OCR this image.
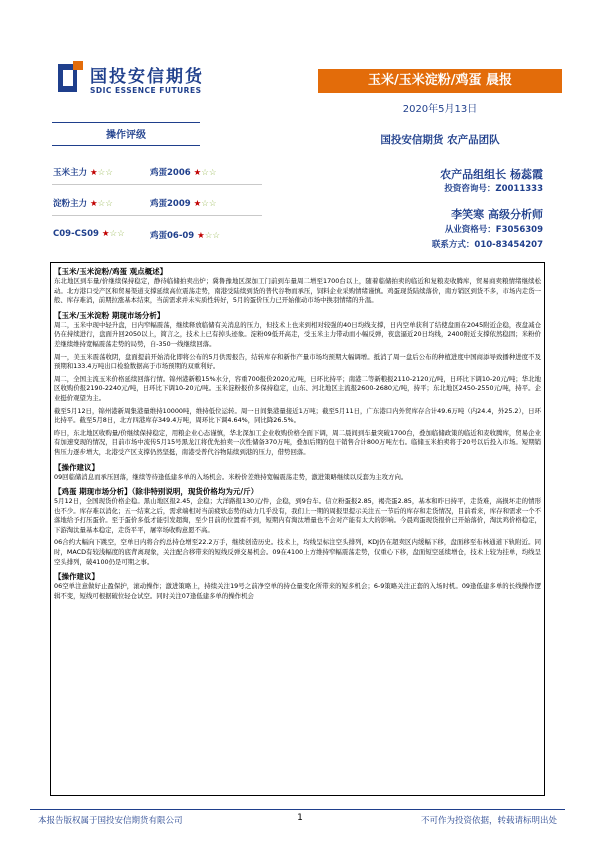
国投安信期货
SDIC ESSENCE FUTURES
玉米/玉米淀粉/鸡蛋 晨报
2020年5月13日
国投安信期货 农产品团队
农产品组组长 杨蕊霞
投资咨询号：Z0011333
李笑寒 高级分析师
从业资格号：F3056309
联系方式：010-83454207
操作评级
玉米主力 ★☆☆	鸡蛋2006 ★☆☆
淀粉主力 ★☆☆	鸡蛋2009 ★☆☆
C09-CS09 ★☆☆	鸡蛋06-09 ★☆☆
【玉米/玉米淀粉/鸡蛋 观点概述】

东北地区到车量/价继续保持稳定，静待临储拍卖出炉；冀鲁豫地区深加工门前到车量周二增至1700台以上，随着临储拍卖的临近和复粮麦收腾库，贸易商卖粮情绪继续松动。北方港口受产区和贸易渠道支撑延续高位震荡走势，南港受陆续到货的普代谷物而承压，饲料企业采购情绪谨慎。鸡蛋现货陆续落价，南方销区到货不多，市场内走货一般、库存难消，前期拉涨基本结束，当前需求并未实质性转好，5月的蛋价压力已开始催动市场中换羽情绪的升温。

【玉米/玉米淀粉 期现市场分析】

周二，玉米中现中轻升盘，日内窄幅震荡，继续释放临储有关消息的压力，但技术上也来到相对较强的40日均线支撑，日内空单获利了结使盘面在2045附近企稳，夜盘减仓仍在持续进行，盘面升回2050以上，简言之，技术上已有掉头迹象。淀粉09低开高走，受玉米主力带动而小幅反弹，夜盘逼近20日均线，2400附近支撑依然稳固；米粉价差继续维持宽幅震荡走势的局势，自-350一线继续回落。

周一，美玉米震荡收阴，盘面提前开始消化即将公布的5月供需报告，结转库存和新作产量市场均预期大幅调增。抵消了周一盘后公布的种植进度中国商添导致播种进度不及预期和133.4万吨出口检验数据高于市场预期的双重利好。

周二，全国主流玉米价格延续回落行情。锦州港新粮15%水分，容重700报价2020元/吨，日环比持平；南港二等新粮报2110-2120元/吨，日环比下调10-20元/吨；华北地区收购价报2190-2240元/吨，日环比下调10-20元/吨。玉米淀粉报价多保持稳定，山东、河北地区主流报2600-2680元/吨，持平；东北地区2450-2550元/吨，持平。企业挺价观望为主。

截至5月12日，锦州港新周集港量维持10000吨，维持低位运转。周一日间集港量接近1万吨；截至5月11日，广东港口内外贸库存合计49.6万吨（内24.4，外25.2），日环比持平。截至5月8日，北方四港库存349.4万吨，周环比下调4.64%，同比降26.5%。

昨日，东北地区收购量/价继续保持稳定，用粮企业心态谨慎，华北深加工企业收购价格全面下调，周二晨间到车量突破1700台，叠加临储政策的临近和麦收腾库，贸易企业有加速变现的情况，目前市场中流传5月15号黑龙江将优先拍卖一次性储备370万吨，叠加后期的包干销售合计800万吨左右。临储玉米拍卖将于20号以后投入市场。短期销售压力逐步增大，北港受产区支撑仍然坚挺，南港受普代谷物陆续到港的压力，借势回落。

【操作建议】

09回临储消息而承压回落，继续等待逢低建多单的入场机会。米粉价差维持宽幅震荡走势，激进策略继续以反套为主攻方向。

【鸡蛋 期现市场分析】（除非特别说明，现货价格均为元/斤）

5月12日，全国现货价格企稳。黑山地区报2.45，企稳；大洋路报130元/件，企稳，到9台车。信立粉蛋报2.85，褐壳蛋2.85，基本和昨日持平，走货难，高损坏走的情形也不少。库存难以消化；五一结束之后，需求端相对当前疲软态势的动力几乎没有，我们上一期的周报里提示关注五一节后的库存和走货情况，目前看来，库存和需求一个不落地给予打压蛋价。至于蛋价多低才能引发超淘，至少目前的位置看不到，短期内有淘汰增量也不会对产能有太大的影响。今晨鸡蛋现货报价已开始落价，淘汰鸡价格稳定，下游淘汰量基本稳定，走货平平，屠宰场收购意愿不高。

06合约大幅向下跳空，空单日内将合约总持仓增至22.2万手，继续创造历史。技术上，均线呈标注空头排列，KDJ仍在超卖区内缓幅下移，盘面移至布林通道下轨附近。同时，MACD有较浅幅度的底背离现象，关注配合移带来的短线反弹交易机会。09在4100上方维持窄幅震荡走势，仅重心下移，盘面短空延续增仓，技术上较为挂单，均线呈空头排列，破4100仍是可期之事。

【操作建议】

06空单注意做好止盈保护，滚动操作；激进策略上，持续关注19号之前净空单的持仓量变化所带来的短多机会；6-9策略关注正套的入场时机。09逢低建多单的长线操作逻辑不变，短线可根据破位轻仓试空。同时关注07逢低建多单的操作机会

本报告版权属于国投安信期货有限公司	1	不可作为投资依据，转载请标明出处
